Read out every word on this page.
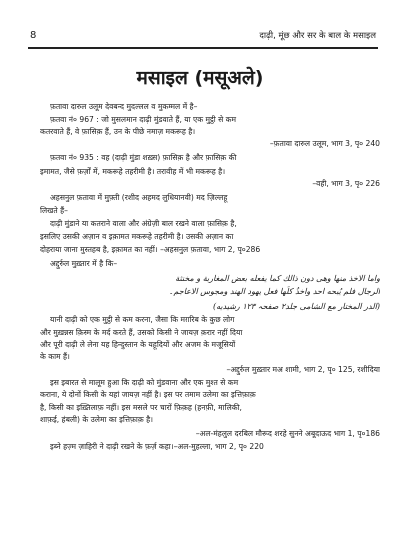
8	दाढ़ी, मूंछ और सर के बाल के मसाइल
मसाइल (मसूअले)
फ़तावा दारुल उलूम देवबन्द मुदल्लल व मुकम्मल में है–
फ़तवा नं० 967 : जो मुसलमान दाढ़ी मुंडवाते हैं, या एक मुट्ठी से कम
कतरवाते हैं, वे फ़ासिक़ हैं, उन के पीछे नमाज़ मकरूह है।
–फ़तावा दारुल उलूम, भाग 3, पृ० 240
फ़तवा नं० 935 : वह (दाढ़ी मुंडा शख़्स) फ़ासिक़ है और फ़ासिक़ की
इमामत, जैसे फ़र्ज़ों में, मकरूहे तहरीमी है। तरावीह में भी मकरूह है।
–वही, भाग 3, पृ० 226
अहसनुल फ़तावा में मुफ़्ती (रशीद अहमद लुधियानवी) मद ज़िल्लहू
लिखते हैं–
दाढ़ी मुंडाने या कतराने वाला और अंग्रेज़ी बाल रखने वाला फ़ासिक़ है,
इसलिए उसकी अज़ान व इक़ामत मकरूहे तहरीमी है। उसकी अज़ान का
दोहराया जाना मुस्तहब है, इक़ामत का नहीं। –अहसनुल फ़तावा, भाग 2, पृ०286
अद्दुर्रुल मुख़्तार में है कि–
واما الاخذ منها وهى دون ذالك كما يفعله بعض المغاربة و مخنثة
الرجال فلم يُبحه احد واخذُ كلِّها فعل يهود الهند ومجوس الاعاجم۔
(الدر المختار مع الشامی جلد٢ صفحہ ١٢٣ رشيديه)
यानी दाढ़ी को एक मुट्ठी से कम करना, जैसा कि मग़रिब के कुछ लोग
और मुख़न्नस क़िस्म के मर्द करते हैं, उसको किसी ने जायज़ क़रार नहीं दिया
और पूरी दाढ़ी ले लेना यह हिन्दुस्तान के यहूदियों और अजम के मजूसियों
के काम हैं।
–अद्दुर्रुल मुख़्तार मअ शामी, भाग 2, पृ० 125, रशीदिया
इस इबारत से मालूम हुआ कि दाढ़ी को मुंडवाना और एक मुश्त से कम
कराना, ये दोनों किसी के यहां जायज़ नहीं है। इस पर तमाम उलेमा का इत्तिफ़ाक़
है, किसी का इख़्तिलाफ़ नहीं। इस मसले पर चारों फ़िक़ह (हनफ़ी, मालिकी,
शाफ़ई, हंबली) के उलेमा का इत्तिफ़ाक़ है।
–अल-मंहलुल दरबिल मौरूद शरहे सुनने अबूदाऊद भाग 1, पृ०186
इब्ने हज़्म ज़ाहिरी ने दाढ़ी रखने के फ़र्ज़ कहा।–अल-मुहल्ला, भाग 2, पृ० 220
